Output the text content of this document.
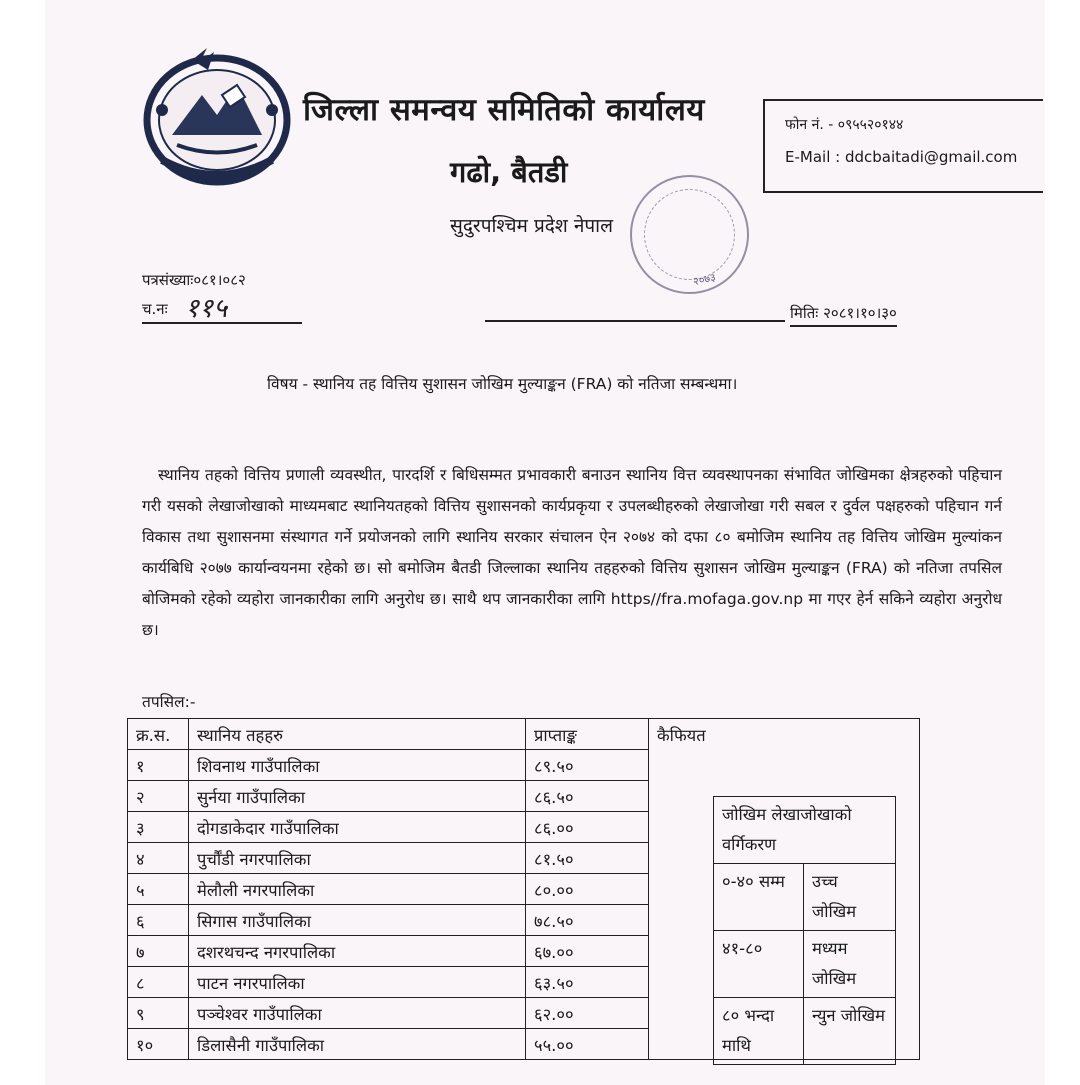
जिल्ला समन्वय समितिको कार्यालय
गढो, बैतडी
सुदुरपश्चिम प्रदेश नेपाल
फोन नं. - ०९५५२०१४४
E-Mail : ddcbaitadi@gmail.com
२०७३
पत्रसंख्याः०८१।०८२
च.नः ११५	मितिः २०८१।१०।३०
विषय - स्थानिय तह वित्तिय सुशासन जोखिम मुल्याङ्कन (FRA) को नतिजा सम्बन्धमा।
स्थानिय तहको वित्तिय प्रणाली व्यवस्थीत, पारदर्शि र बिधिसम्मत प्रभावकारी बनाउन स्थानिय वित्त व्यवस्थापनका संभावित जोखिमका क्षेत्रहरुको पहिचान गरी यसको लेखाजोखाको माध्यमबाट स्थानियतहको वित्तिय सुशासनको कार्यप्रकृया र उपलब्धीहरुको लेखाजोखा गरी सबल र दुर्वल पक्षहरुको पहिचान गर्न विकास तथा सुशासनमा संस्थागत गर्ने प्रयोजनको लागि स्थानिय सरकार संचालन ऐन २०७४ को दफा ८० बमोजिम स्थानिय तह वित्तिय जोखिम मुल्यांकन कार्यबिधि २०७७ कार्यान्वयनमा रहेको छ। सो बमोजिम बैतडी जिल्लाका स्थानिय तहहरुको वित्तिय सुशासन जोखिम मुल्याङ्कन (FRA) को नतिजा तपसिल बोजिमको रहेको व्यहोरा जानकारीका लागि अनुरोध छ। साथै थप जानकारीका लागि https//fra.mofaga.gov.np मा गएर हेर्न सकिने व्यहोरा अनुरोध छ।
तपसिल:-
क्र.स.	स्थानिय तहहरु	प्राप्ताङ्क	कैफियत
१	शिवनाथ गाउँपालिका	८९.५०	
२	सुर्नया गाउँपालिका	८६.५०	
३	दोगडाकेदार गाउँपालिका	८६.००	
४	पुर्चौंडी नगरपालिका	८१.५०	
५	मेलौली नगरपालिका	८०.००	
६	सिगास गाउँपालिका	७८.५०	
७	दशरथचन्द नगरपालिका	६७.००	
८	पाटन नगरपालिका	६३.५०	
९	पञ्चेश्वर गाउँपालिका	६२.००	
१०	डिलासैनी गाउँपालिका	५५.००	
जोखिम लेखाजोखाको वर्गिकरण	
०-४० सम्म	उच्च जोखिम
४१-८०	मध्यम जोखिम
८० भन्दा माथि	न्युन जोखिम
